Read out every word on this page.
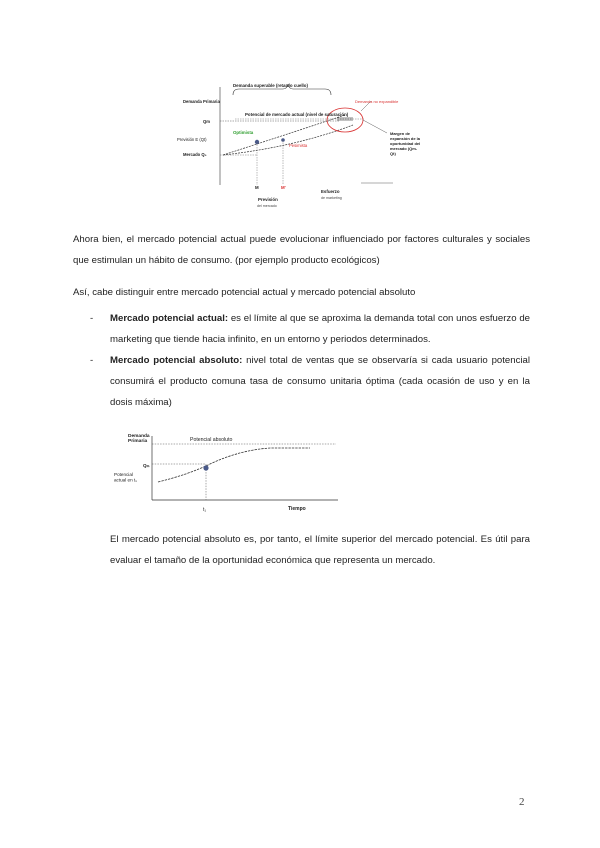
Demanda superable (retardo cuello)
Demanda Primaria
Qm
Potencial de mercado actual (nivel de saturación)
Demanda no expandible
Previsión E (Qt)
Optimista
Pesimista
Mercado Q₀
Margen de expansión de la oportunidad del mercado (Qm- Qt)
M	M'
Previsión
del mercado
Esfuerzo
de marketing

Ahora bien, el mercado potencial actual puede evolucionar influenciado por factores culturales y sociales que estimulan un hábito de consumo. (por ejemplo producto ecológicos)

Así, cabe distinguir entre mercado potencial actual y mercado potencial absoluto

- Mercado potencial actual: es el límite al que se aproxima la demanda total con unos esfuerzo de marketing que tiende hacia infinito, en un entorno y periodos determinados.
- Mercado potencial absoluto: nivel total de ventas que se observaría si cada usuario potencial consumirá el producto comuna tasa de consumo unitaria óptima (cada ocasión de uso y en la dosis máxima)
Demanda Primaria	Potencial absoluto
Qₘ
Potencial actual en t₁
t₁	Tiempo

El mercado potencial absoluto es, por tanto, el límite superior del mercado potencial. Es útil para evaluar el tamaño de la oportunidad económica que representa un mercado.

2
